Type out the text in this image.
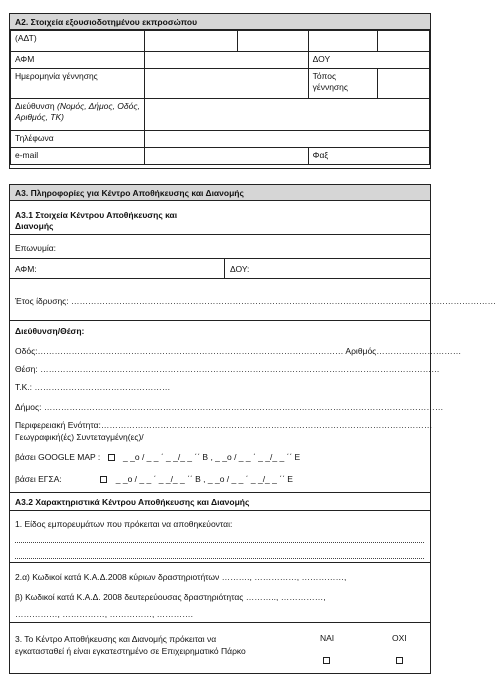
A2. Στοιχεία εξουσιοδοτημένου εκπροσώπου
(ΑΔΤ)				
ΑΦΜ			ΔΟΥ	
Ημερομηνία γέννησης			Τόπος γέννησης	
Διεύθυνση (Νομός, Δήμος, Οδός, Αριθμός, ΤΚ)				
Τηλέφωνα				
e-mail			Φαξ	
A3. Πληροφορίες για Κέντρο Αποθήκευσης και Διανομής
Α3.1 Στοιχεία Κέντρου Αποθήκευσης και Διανομής
Επωνυμία:
ΑΦΜ:	ΔΟΥ:
Έτος ίδρυσης: ……………………………………………………………………………………………………………………………………
Διεύθυνση/Θέση:
Οδός:……………………………………………………………………………………………… Αριθμός…………………………
Θέση: ……………………………………………………………………………………………………………………………
Τ.Κ.: …………………………………………
Δήμος: ……………………………………………………………………………………………………………………………
Περιφερειακή Ενότητα:………………………………………………………………………………………………………
Γεωγραφική(ές) Συντεταγμένη(ες)/
βάσει GOOGLE MAP :	_ _ο / _ _ ΄ _ _/_ _ ΄΄ Β , _ _ο / _ _ ΄ _ _/_ _ ΄΄ Ε
βάσει ΕΓΣΑ:	_ _ο / _ _ ΄ _ _/_ _ ΄΄ Β , _ _ο / _ _ ΄ _ _/_ _ ΄΄ Ε
Α3.2 Χαρακτηριστικά Κέντρου Αποθήκευσης και Διανομής
1. Είδος εμπορευμάτων που πρόκειται να αποθηκεύονται:
2.α) Κωδικοί κατά Κ.Α.Δ.2008 κύριων δραστηριοτήτων ………., ……………, ……………,
β) Κωδικοί κατά Κ.Α.Δ. 2008 δευτερεύουσας δραστηριότητας ……….., ……………,
……………, ……………, ……………, ………….
3. Το Κέντρο Αποθήκευσης και Διανομής πρόκειται να εγκατασταθεί ή είναι εγκατεστημένο σε Επιχειρηματικό Πάρκο
ΝΑΙ	ΟΧΙ
